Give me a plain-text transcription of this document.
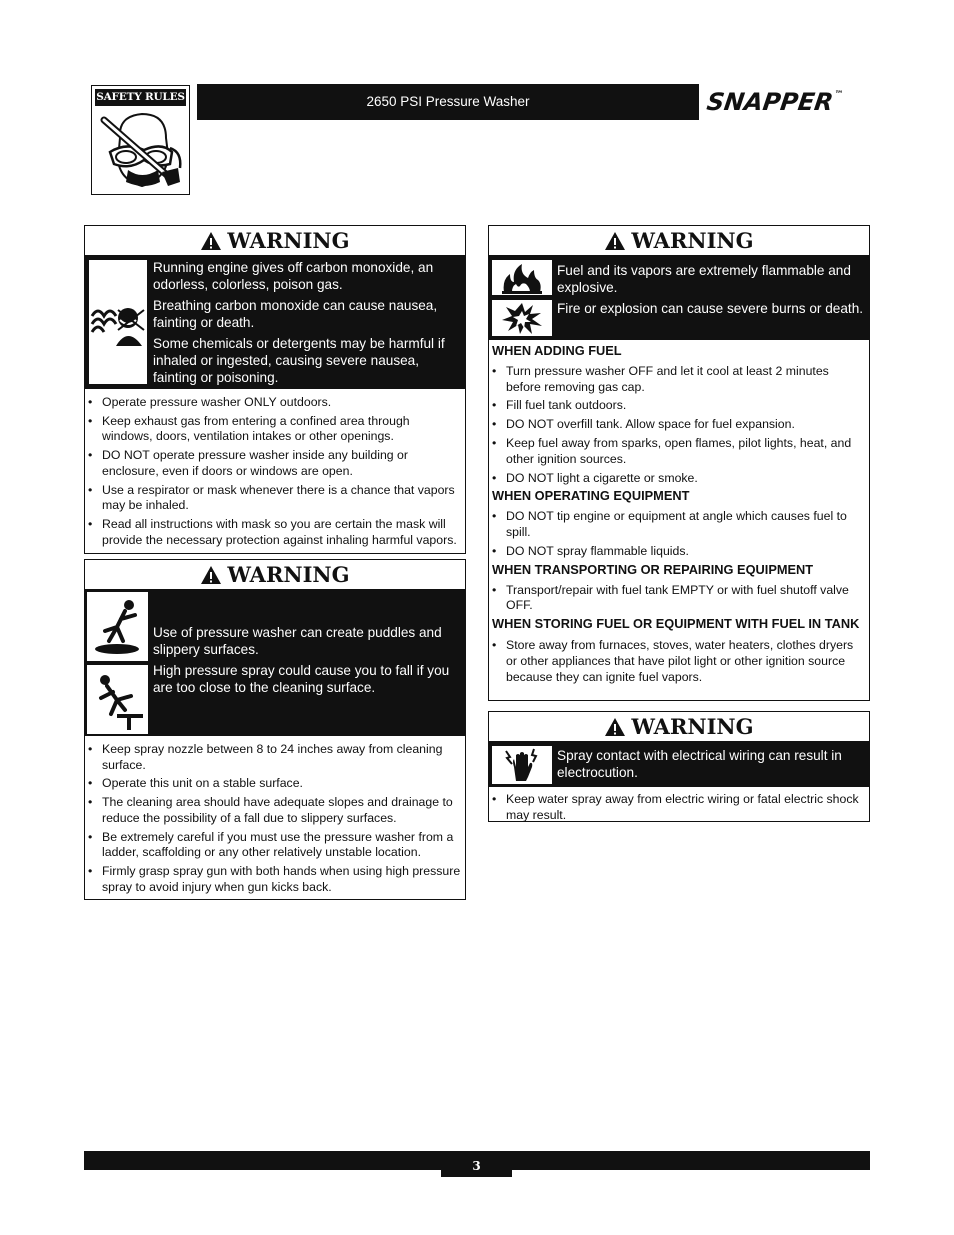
SAFETY RULES	2650 PSI Pressure Washer	SNAPPER™
WARNING

Running engine gives off carbon monoxide, an odorless, colorless, poison gas.

Breathing carbon monoxide can cause nausea, fainting or death.

Some chemicals or detergents may be harmful if inhaled or ingested, causing severe nausea, fainting or poisoning.

• Operate pressure washer ONLY outdoors.
• Keep exhaust gas from entering a confined area through windows, doors, ventilation intakes or other openings.
• DO NOT operate pressure washer inside any building or enclosure, even if doors or windows are open.
• Use a respirator or mask whenever there is a chance that vapors may be inhaled.
• Read all instructions with mask so you are certain the mask will provide the necessary protection against inhaling harmful vapors.
WARNING

Use of pressure washer can create puddles and slippery surfaces.

High pressure spray could cause you to fall if you are too close to the cleaning surface.

• Keep spray nozzle between 8 to 24 inches away from cleaning surface.
• Operate this unit on a stable surface.
• The cleaning area should have adequate slopes and drainage to reduce the possibility of a fall due to slippery surfaces.
• Be extremely careful if you must use the pressure washer from a ladder, scaffolding or any other relatively unstable location.
• Firmly grasp spray gun with both hands when using high pressure spray to avoid injury when gun kicks back.
WARNING

Fuel and its vapors are extremely flammable and explosive.

Fire or explosion can cause severe burns or death.

WHEN ADDING FUEL
• Turn pressure washer OFF and let it cool at least 2 minutes before removing gas cap.
• Fill fuel tank outdoors.
• DO NOT overfill tank. Allow space for fuel expansion.
• Keep fuel away from sparks, open flames, pilot lights, heat, and other ignition sources.
• DO NOT light a cigarette or smoke.
WHEN OPERATING EQUIPMENT
• DO NOT tip engine or equipment at angle which causes fuel to spill.
• DO NOT spray flammable liquids.
WHEN TRANSPORTING OR REPAIRING EQUIPMENT
• Transport/repair with fuel tank EMPTY or with fuel shutoff valve OFF.
WHEN STORING FUEL OR EQUIPMENT WITH FUEL IN TANK
• Store away from furnaces, stoves, water heaters, clothes dryers or other appliances that have pilot light or other ignition source because they can ignite fuel vapors.
WARNING

Spray contact with electrical wiring can result in electrocution.

• Keep water spray away from electric wiring or fatal electric shock may result.
3
